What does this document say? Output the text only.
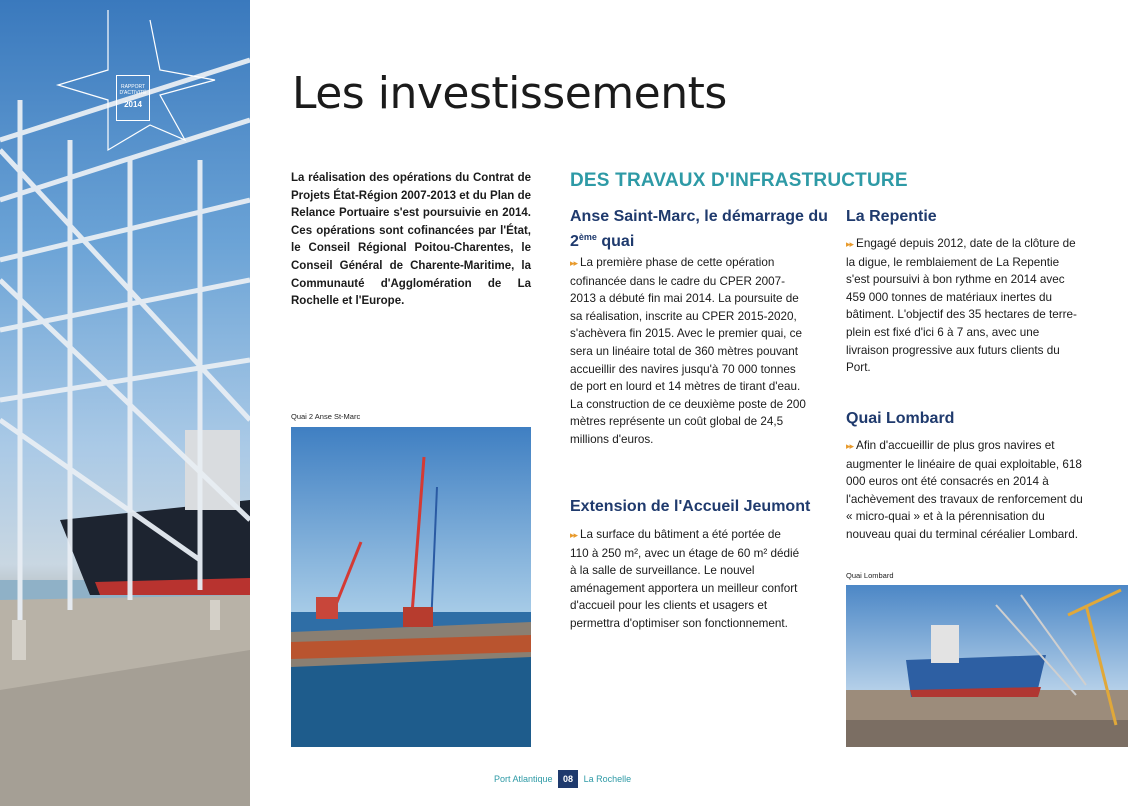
RAPPORT
D'ACTIVITÉ
2014	Les investissements

La réalisation des opérations du Contrat de Projets État-Région 2007-2013 et du Plan de Relance Portuaire s'est poursuivie en 2014. Ces opérations sont cofinancées par l'État, le Conseil Régional Poitou-Charentes, le Conseil Général de Charente-Maritime, la Communauté d'Agglomération de La Rochelle et l'Europe.

Quai 2 Anse St-Marc

DES TRAVAUX D'INFRASTRUCTURE
Anse Saint-Marc, le démarrage du 2ème quai

▸▸ La première phase de cette opération cofinancée dans le cadre du CPER 2007-2013 a débuté fin mai 2014. La poursuite de sa réalisation, inscrite au CPER 2015-2020, s'achèvera fin 2015. Avec le premier quai, ce sera un linéaire total de 360 mètres pouvant accueillir des navires jusqu'à 70 000 tonnes de port en lourd et 14 mètres de tirant d'eau. La construction de ce deuxième poste de 200 mètres représente un coût global de 24,5 millions d'euros.

Extension de l'Accueil Jeumont

▸▸ La surface du bâtiment a été portée de 110 à 250 m², avec un étage de 60 m² dédié à la salle de surveillance. Le nouvel aménagement apportera un meilleur confort d'accueil pour les clients et usagers et permettra d'optimiser son fonctionnement.

La Repentie

▸▸ Engagé depuis 2012, date de la clôture de la digue, le remblaiement de La Repentie s'est poursuivi à bon rythme en 2014 avec 459 000 tonnes de matériaux inertes du bâtiment. L'objectif des 35 hectares de terre-plein est fixé d'ici 6 à 7 ans, avec une livraison progressive aux futurs clients du Port.

Quai Lombard

▸▸ Afin d'accueillir de plus gros navires et augmenter le linéaire de quai exploitable, 618 000 euros ont été consacrés en 2014 à l'achèvement des travaux de renforcement du « micro-quai » et à la pérennisation du nouveau quai du terminal céréalier Lombard.

Quai Lombard

Port Atlantique 08 La Rochelle
